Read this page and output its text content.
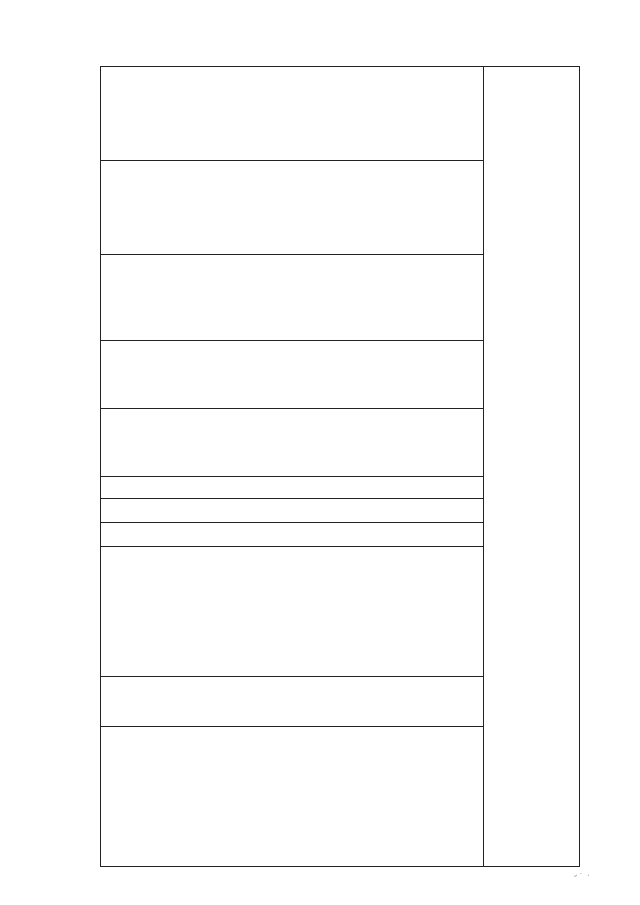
˘ ˙ ·
